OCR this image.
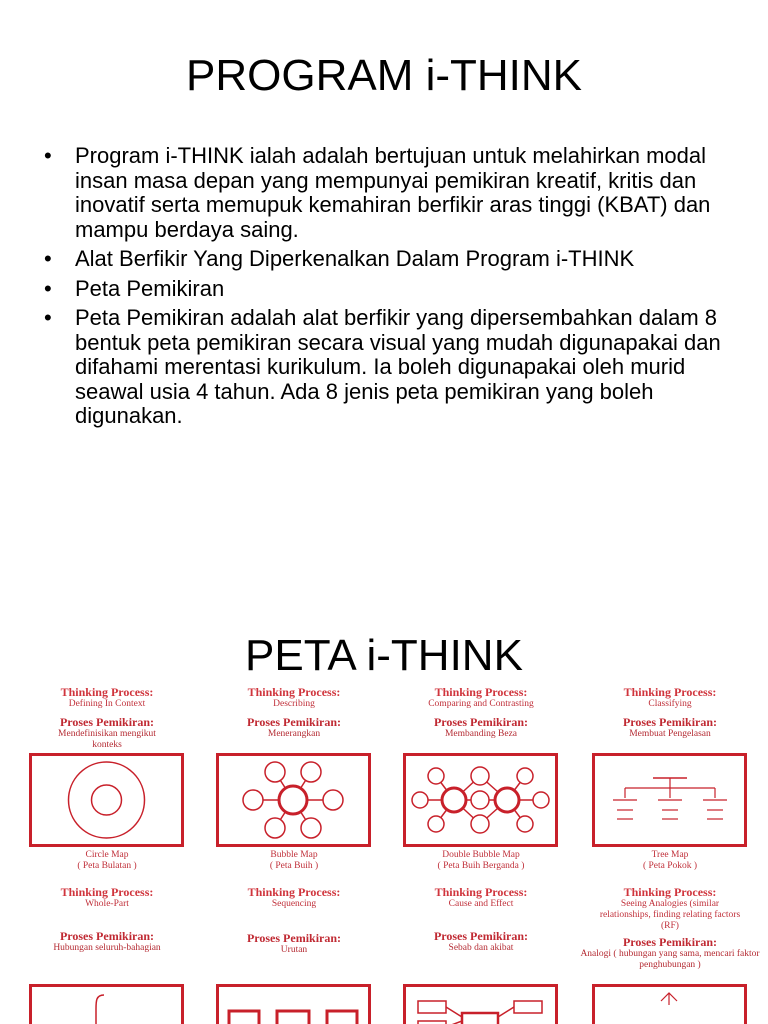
PROGRAM i-THINK
• Program i-THINK ialah adalah bertujuan untuk melahirkan modal insan masa depan yang mempunyai pemikiran kreatif, kritis dan inovatif serta memupuk kemahiran berfikir aras tinggi (KBAT) dan mampu berdaya saing.
• Alat Berfikir Yang Diperkenalkan Dalam Program i-THINK
• Peta Pemikiran
• Peta Pemikiran adalah alat berfikir yang dipersembahkan dalam 8 bentuk peta pemikiran secara visual yang mudah digunapakai dan difahami merentasi kurikulum. Ia boleh digunapakai oleh murid seawal usia 4 tahun. Ada 8 jenis peta pemikiran yang boleh digunakan.
PETA i-THINK
Thinking Process:
Defining In Context
Proses Pemikiran:
Mendefinisikan mengikut konteks
Thinking Process:
Describing
Proses Pemikiran:
Menerangkan
Thinking Process:
Comparing and Contrasting
Proses Pemikiran:
Membanding Beza
Thinking Process:
Classifying
Proses Pemikiran:
Membuat Pengelasan
Circle Map
( Peta Bulatan )
Bubble Map
( Peta Buih )
Double Bubble Map
( Peta Buih Berganda )
Tree Map
( Peta Pokok )
Thinking Process:
Whole-Part
Proses Pemikiran:
Hubungan seluruh-bahagian
Thinking Process:
Sequencing
Proses Pemikiran:
Urutan
Thinking Process:
Cause and Effect
Proses Pemikiran:
Sebab dan akibat
Thinking Process:
Seeing Analogies (similar relationships, finding relating factors (RF)
Proses Pemikiran:
Analogi ( hubungan yang sama, mencari faktor penghubungan )
